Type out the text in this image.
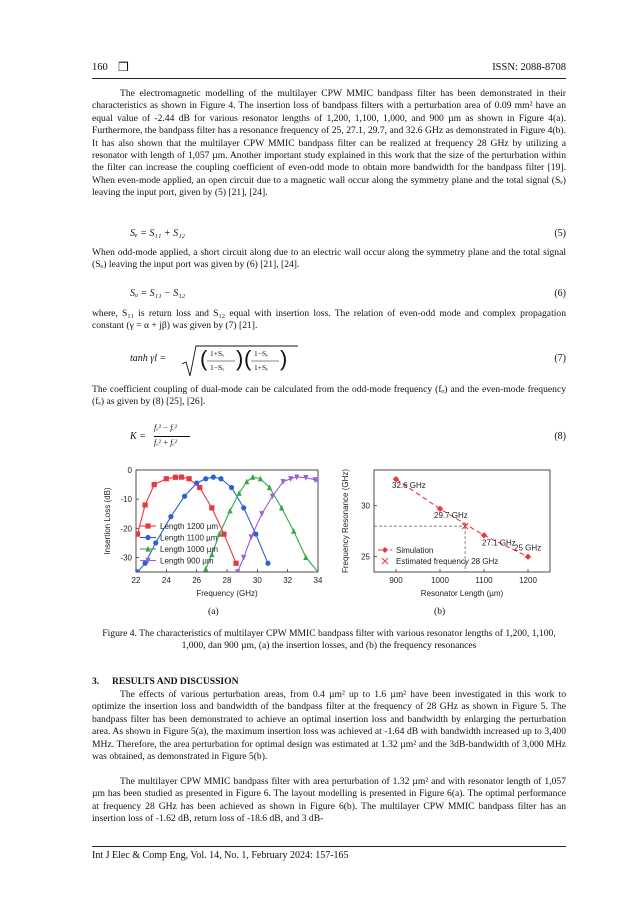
160 ❒	ISSN: 2088-8708

The electromagnetic modelling of the multilayer CPW MMIC bandpass filter has been demonstrated in their characteristics as shown in Figure 4. The insertion loss of bandpass filters with a perturbation area of 0.09 mm² have an equal value of -2.44 dB for various resonator lengths of 1,200, 1,100, 1,000, and 900 µm as shown in Figure 4(a). Furthermore, the bandpass filter has a resonance frequency of 25, 27.1, 29.7, and 32.6 GHz as demonstrated in Figure 4(b). It has also shown that the multilayer CPW MMIC bandpass filter can be realized at frequency 28 GHz by utilizing a resonator with length of 1,057 µm. Another important study explained in this work that the size of the perturbation within the filter can increase the coupling coefficient of even-odd mode to obtain more bandwidth for the bandpass filter [19]. When even-mode applied, an open circuit due to a magnetic wall occur along the symmetry plane and the total signal (Sₑ) leaving the input port, given by (5) [21], [24].

Sₑ = S₁₁ + S₁₂	(5)

When odd-mode applied, a short circuit along due to an electric wall occur along the symmetry plane and the total signal (Sₒ) leaving the input port was given by (6) [21], [24].

Sₒ = S₁₁ − S₁₂	(6)

where, S₁₁ is return loss and S₁₂ equal with insertion loss. The relation of even-odd mode and complex propagation constant (γ = α + jβ) was given by (7) [21].

tanh γl = ( ) ( )
1+Sₒ
1−Sₒ
1−Sₑ
1+Sₑ
(7)

The coefficient coupling of dual-mode can be calculated from the odd-mode frequency (fₒ) and the even-mode frequency (fₑ) as given by (8) [25], [26].

K =
fₒ² − fₑ²
fₒ² + fₑ²
(8)
22	24	26	28	30	32	34
0
-10
-20
-30
Frequency (GHz)
Insertion Loss (dB)	Length 1200 µm
Length 1100 µm
Length 1000 µm
Length 900 µm
900	1000	1100	1200
25
30
Resonator Length (µm)
Frequency Resonance (GHz)	32.6 GHz
29.7 GHz
27.1 GHz
25 GHz
Simulation
Estimated frequency 28 GHz
(a)	(b)
Figure 4. The characteristics of multilayer CPW MMIC bandpass filter with various resonator lengths of 1,200, 1,100, 1,000, dan 900 µm, (a) the insertion losses, and (b) the frequency resonances
3. RESULTS AND DISCUSSION

The effects of various perturbation areas, from 0.4 µm² up to 1.6 µm² have been investigated in this work to optimize the insertion loss and bandwidth of the bandpass filter at the frequency of 28 GHz as shown in Figure 5. The bandpass filter has been demonstrated to achieve an optimal insertion loss and bandwidth by enlarging the perturbation area. As shown in Figure 5(a), the maximum insertion loss was achieved at -1.64 dB with bandwidth increased up to 3,400 MHz. Therefore, the area perturbation for optimal design was estimated at 1.32 µm² and the 3dB-bandwidth of 3,000 MHz was obtained, as demonstrated in Figure 5(b).

The multilayer CPW MMIC bandpass filter with area perturbation of 1.32 µm² and with resonator length of 1,057 µm has been studied as presented in Figure 6. The layout modelling is presented in Figure 6(a). The optimal performance at frequency 28 GHz has been achieved as shown in Figure 6(b). The multilayer CPW MMIC bandpass filter has an insertion loss of -1.62 dB, return loss of -18.6 dB, and 3 dB-

Int J Elec & Comp Eng, Vol. 14, No. 1, February 2024: 157-165
